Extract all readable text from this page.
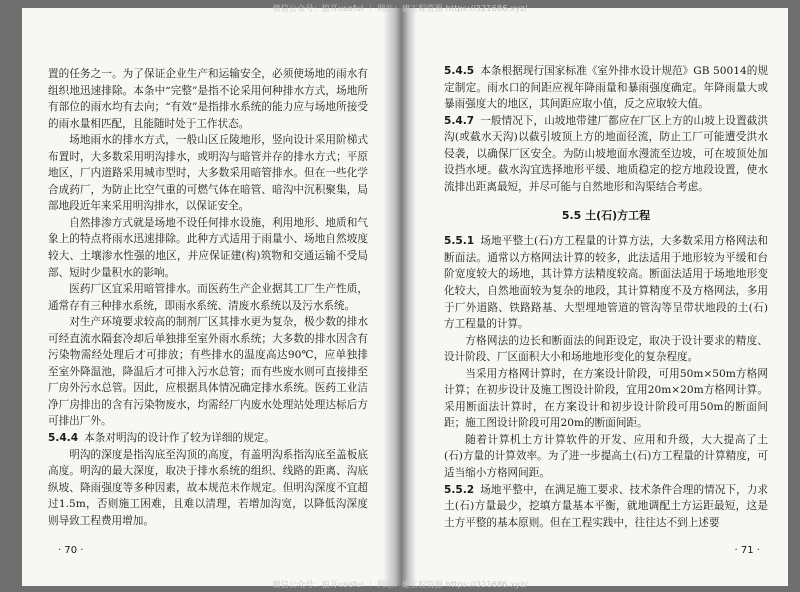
微信公众号：狼耳useful ｜ 网站：建工程资源 https://321686.xyz/

置的任务之一。为了保证企业生产和运输安全，必须使场地的雨水有组织地迅速排除。本条中“完整”是指不论采用何种排水方式，场地所有部位的雨水均有去向；“有效”是指排水系统的能力应与场地所接受的雨水量相匹配，且能随时处于工作状态。

场地雨水的排水方式，一般山区丘陵地形，竖向设计采用阶梯式布置时，大多数采用明沟排水，或明沟与暗管并存的排水方式；平原地区，厂内道路采用城市型时，大多数采用暗管排水。但在一些化学合成药厂，为防止比空气重的可燃气体在暗管、暗沟中沉积聚集，局部地段近年来采用明沟排水，以保证安全。

自然排渗方式就是场地不设任何排水设施，利用地形、地质和气象上的特点将雨水迅速排除。此种方式适用于雨量小、场地自然坡度较大、土壤渗水性强的地区，并应保证建(构)筑物和交通运输不受局部、短时少量积水的影响。

医药厂区宜采用暗管排水。而医药生产企业据其工厂生产性质，通常存有三种排水系统，即雨水系统、清废水系统以及污水系统。

对生产环境要求较高的制剂厂区其排水更为复杂，极少数的排水可经直流水隔套冷却后单独排至室外雨水系统；大多数的排水因含有污染物需经处理后才可排放；有些排水的温度高达90℃，应单独排至室外降温池，降温后才可排入污水总管；而有些废水则可直接排至厂房外污水总管。因此，应根据具体情况确定排水系统。医药工业洁净厂房排出的含有污染物废水，均需经厂内废水处理站处理达标后方可排出厂外。

5.4.4 本条对明沟的设计作了较为详细的规定。

明沟的深度是指沟底至沟顶的高度，有盖明沟系指沟底至盖板底高度。明沟的最大深度，取决于排水系统的组织、线路的距离、沟底纵坡、降雨强度等多种因素，故本规范未作规定。但明沟深度不宜超过1.5m，否则施工困难，且难以清理，若增加沟宽，以降低沟深度则导致工程费用增加。

· 70 ·

5.4.5 本条根据现行国家标准《室外排水设计规范》GB 50014的规定制定。雨水口的间距应视年降雨量和暴雨强度确定。年降雨量大或暴雨强度大的地区，其间距应取小值，反之应取较大值。

5.4.7 一般情况下，山坡地带建厂都应在厂区上方的山坡上设置截洪沟(或截水天沟)以截引坡顶上方的地面径流，防止工厂可能遭受洪水侵袭，以确保厂区安全。为防山坡地面水漫流至边坡，可在坡顶处加设挡水埂。截水沟宜选择地形平缓、地质稳定的挖方地段设置，使水流排出距离最短，并尽可能与自然地形和沟渠结合考虑。

5.5 土(石)方工程

5.5.1 场地平整土(石)方工程量的计算方法，大多数采用方格网法和断面法。通常以方格网法计算的较多，此法适用于地形较为平缓和台阶宽度较大的场地，其计算方法精度较高。断面法适用于场地地形变化较大，自然地面较为复杂的地段，其计算精度不及方格网法，多用于厂外道路、铁路路基、大型埋地管道的管沟等呈带状地段的土(石)方工程量的计算。

方格网法的边长和断面法的间距设定，取决于设计要求的精度、设计阶段、厂区面积大小和场地地形变化的复杂程度。

当采用方格网计算时，在方案设计阶段，可用50m×50m方格网计算；在初步设计及施工图设计阶段，宜用20m×20m方格网计算。采用断面法计算时，在方案设计和初步设计阶段可用50m的断面间距；施工图设计阶段可用20m的断面间距。

随着计算机土方计算软件的开发、应用和升级，大大提高了土(石)方量的计算效率。为了进一步提高土(石)方工程量的计算精度，可适当缩小方格网间距。

5.5.2 场地平整中，在满足施工要求、技术条件合理的情况下，力求土(石)方量最少，挖填方量基本平衡，就地调配土方运距最短，这是土方平整的基本原则。但在工程实践中，往往达不到上述要

· 71 ·
微信公众号：狼耳useful ｜ 网站：建工程资源 https://321686.xyz/
